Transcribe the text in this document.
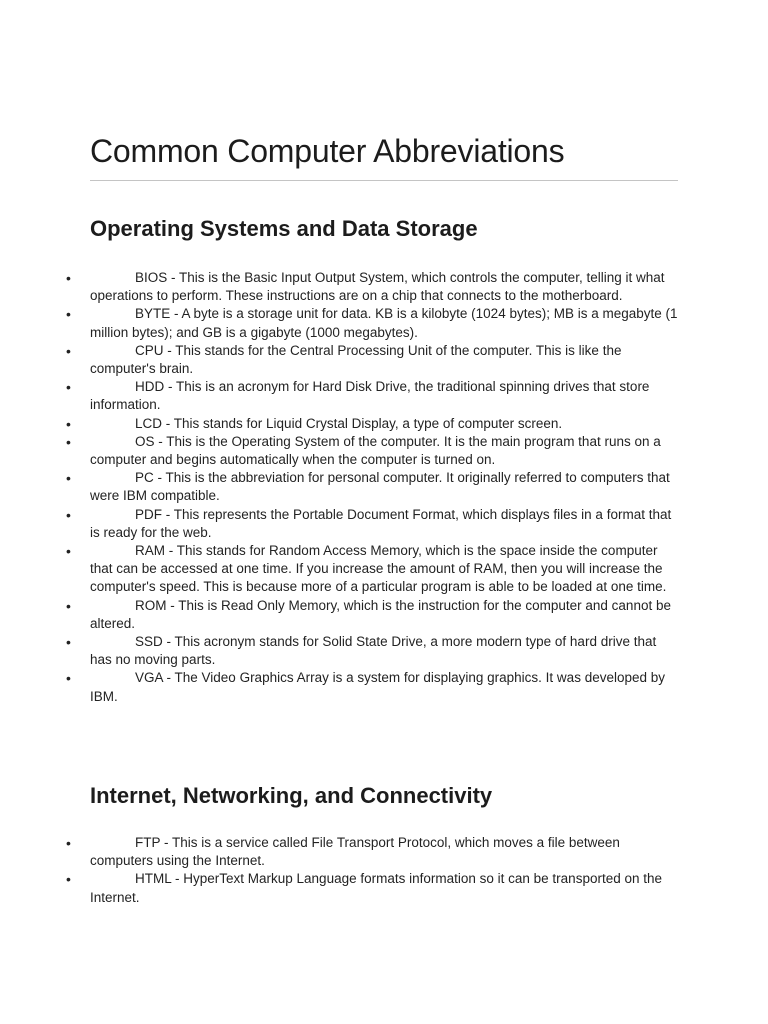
Common Computer Abbreviations
Operating Systems and Data Storage
• BIOS - This is the Basic Input Output System, which controls the computer, telling it what operations to perform. These instructions are on a chip that connects to the motherboard.
• BYTE - A byte is a storage unit for data. KB is a kilobyte (1024 bytes); MB is a megabyte (1 million bytes); and GB is a gigabyte (1000 megabytes).
• CPU - This stands for the Central Processing Unit of the computer. This is like the computer's brain.
• HDD - This is an acronym for Hard Disk Drive, the traditional spinning drives that store information.
• LCD - This stands for Liquid Crystal Display, a type of computer screen.
• OS - This is the Operating System of the computer. It is the main program that runs on a computer and begins automatically when the computer is turned on.
• PC - This is the abbreviation for personal computer. It originally referred to computers that were IBM compatible.
• PDF - This represents the Portable Document Format, which displays files in a format that is ready for the web.
• RAM - This stands for Random Access Memory, which is the space inside the computer that can be accessed at one time. If you increase the amount of RAM, then you will increase the computer's speed. This is because more of a particular program is able to be loaded at one time.
• ROM - This is Read Only Memory, which is the instruction for the computer and cannot be altered.
• SSD - This acronym stands for Solid State Drive, a more modern type of hard drive that has no moving parts.
• VGA - The Video Graphics Array is a system for displaying graphics. It was developed by IBM.
Internet, Networking, and Connectivity
• FTP - This is a service called File Transport Protocol, which moves a file between computers using the Internet.
• HTML - HyperText Markup Language formats information so it can be transported on the Internet.
